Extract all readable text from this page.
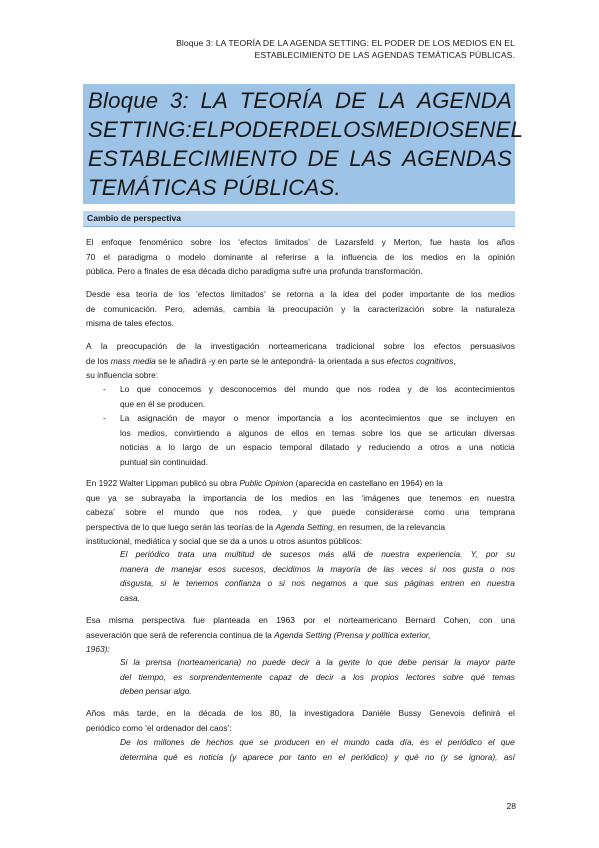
Bloque 3: LA TEORÍA DE LA AGENDA SETTING: EL PODER DE LOS MEDIOS EN EL
ESTABLECIMIENTO DE LAS AGENDAS TEMÁTICAS PÚBLICAS.
Bloque 3: LA TEORÍA DE LA AGENDA
SETTING: EL PODER DE LOS MEDIOS EN EL
ESTABLECIMIENTO DE LAS AGENDAS
TEMÁTICAS PÚBLICAS.
Cambio de perspectiva
El enfoque fenoménico sobre los ‘efectos limitados’ de Lazarsfeld y Merton, fue hasta los años
70 el paradigma o modelo dominante al referirse a la influencia de los medios en la opinión
pública. Pero a finales de esa década dicho paradigma sufre una profunda transformación.
Desde esa teoría de los ‘efectos limitados’ se retorna a la idea del poder importante de los medios
de comunicación. Pero, además, cambia la preocupación y la caracterización sobre la naturaleza
misma de tales efectos.
A la preocupación de la investigación norteamericana tradicional sobre los efectos persuasivos
de los mass media se le añadirá -y en parte se le antepondrá- la orientada a sus efectos cognitivos ,
su influencia sobre:
- Lo que conocemos y desconocemos del mundo que nos rodea y de los acontecimientos
que en él se producen.
- La asignación de mayor o menor importancia a los acontecimientos que se incluyen en
los medios, convirtiendo a algunos de ellos en temas sobre los que se articulan diversas
noticias a lo largo de un espacio temporal dilatado y reduciendo a otros a una noticia
puntual sin continuidad.
En 1922 Walter Lippman publicó su obra Public Opinion (aparecida en castellano en 1964) en la
que ya se subrayaba la importancia de los medios en las ‘imágenes que tenemos en nuestra
cabeza’ sobre el mundo que nos rodea, y que puede considerarse como una temprana
perspectiva de lo que luego serán las teorías de la Agenda Setting , en resumen, de la relevancia
institucional, mediática y social que se da a unos u otros asuntos públicos:
El periódico trata una multitud de sucesos más allá de nuestra experiencia. Y, por su
manera de manejar esos sucesos, decidimos la mayoría de las veces si nos gusta o nos
disgusta, si le tenemos confianza o si nos negamos a que sus páginas entren en nuestra
casa.
Esa misma perspectiva fue planteada en 1963 por el norteamericano Bernard Cohen, con una
aseveración que será de referencia continua de la Agenda Setting (Prensa y política exterior,
1963):
Si la prensa (norteamericana) no puede decir a la gente lo que debe pensar la mayor parte
del tiempo, es sorprendentemente capaz de decir a los propios lectores sobre qué temas
deben pensar algo.
Años más tarde, en la década de los 80, la investigadora Danièle Bussy Genevois definirá el
periódico como ‘el ordenador del caos’:
De los millones de hechos que se producen en el mundo cada día, es el periódico el que
determina qué es noticia (y aparece por tanto en el periódico) y qué no (y se ignora), así
28
